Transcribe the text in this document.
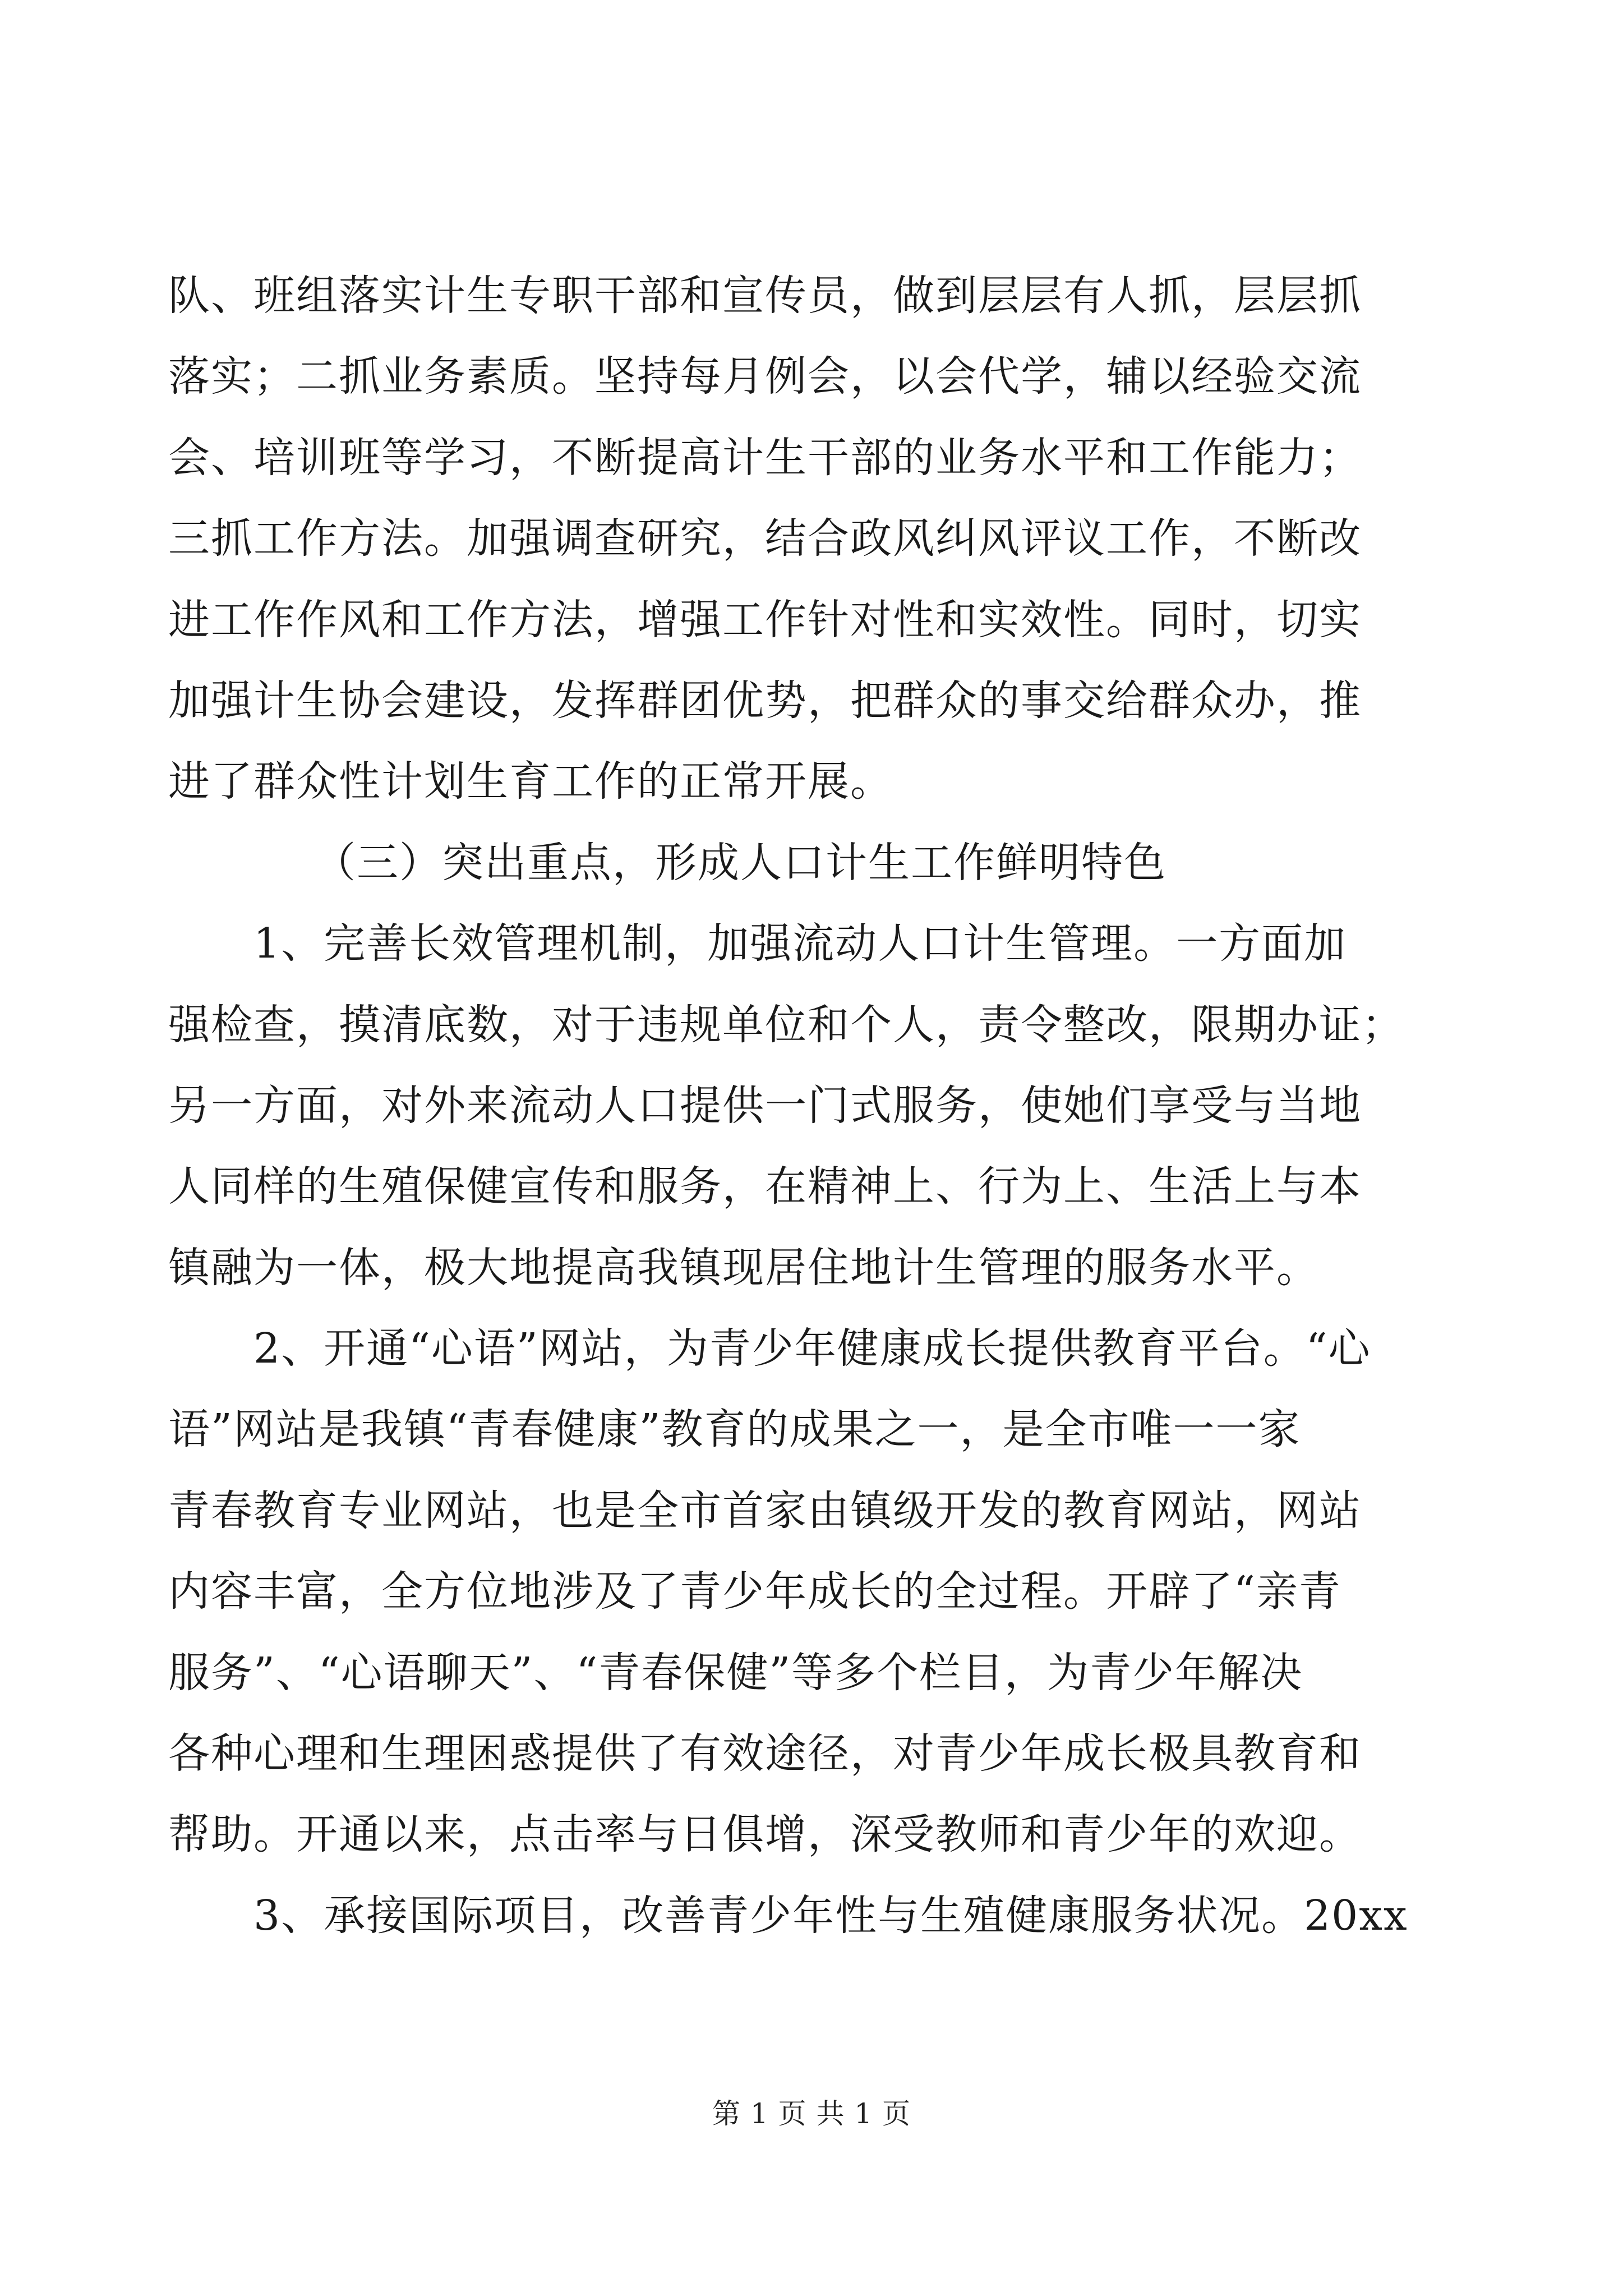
队、班组落实计生专职干部和宣传员，做到层层有人抓，层层抓
落实；二抓业务素质。坚持每月例会，以会代学，辅以经验交流
会、培训班等学习，不断提高计生干部的业务水平和工作能力；
三抓工作方法。加强调查研究，结合政风纠风评议工作，不断改
进工作作风和工作方法，增强工作针对性和实效性。同时，切实
加强计生协会建设，发挥群团优势，把群众的事交给群众办，推
进了群众性计划生育工作的正常开展。
（三）突出重点，形成人口计生工作鲜明特色
1、完善长效管理机制，加强流动人口计生管理。一方面加
强检查，摸清底数，对于违规单位和个人，责令整改，限期办证；
另一方面，对外来流动人口提供一门式服务，使她们享受与当地
人同样的生殖保健宣传和服务，在精神上、行为上、生活上与本
镇融为一体，极大地提高我镇现居住地计生管理的服务水平。
2、开通“心语”网站，为青少年健康成长提供教育平台。“心
语”网站是我镇“青春健康”教育的成果之一，是全市唯一一家
青春教育专业网站，也是全市首家由镇级开发的教育网站，网站
内容丰富，全方位地涉及了青少年成长的全过程。开辟了“亲青
服务”、“心语聊天”、“青春保健”等多个栏目，为青少年解决
各种心理和生理困惑提供了有效途径，对青少年成长极具教育和
帮助。开通以来，点击率与日俱增，深受教师和青少年的欢迎。
3、承接国际项目，改善青少年性与生殖健康服务状况。20xx
第 1 页 共 1 页
